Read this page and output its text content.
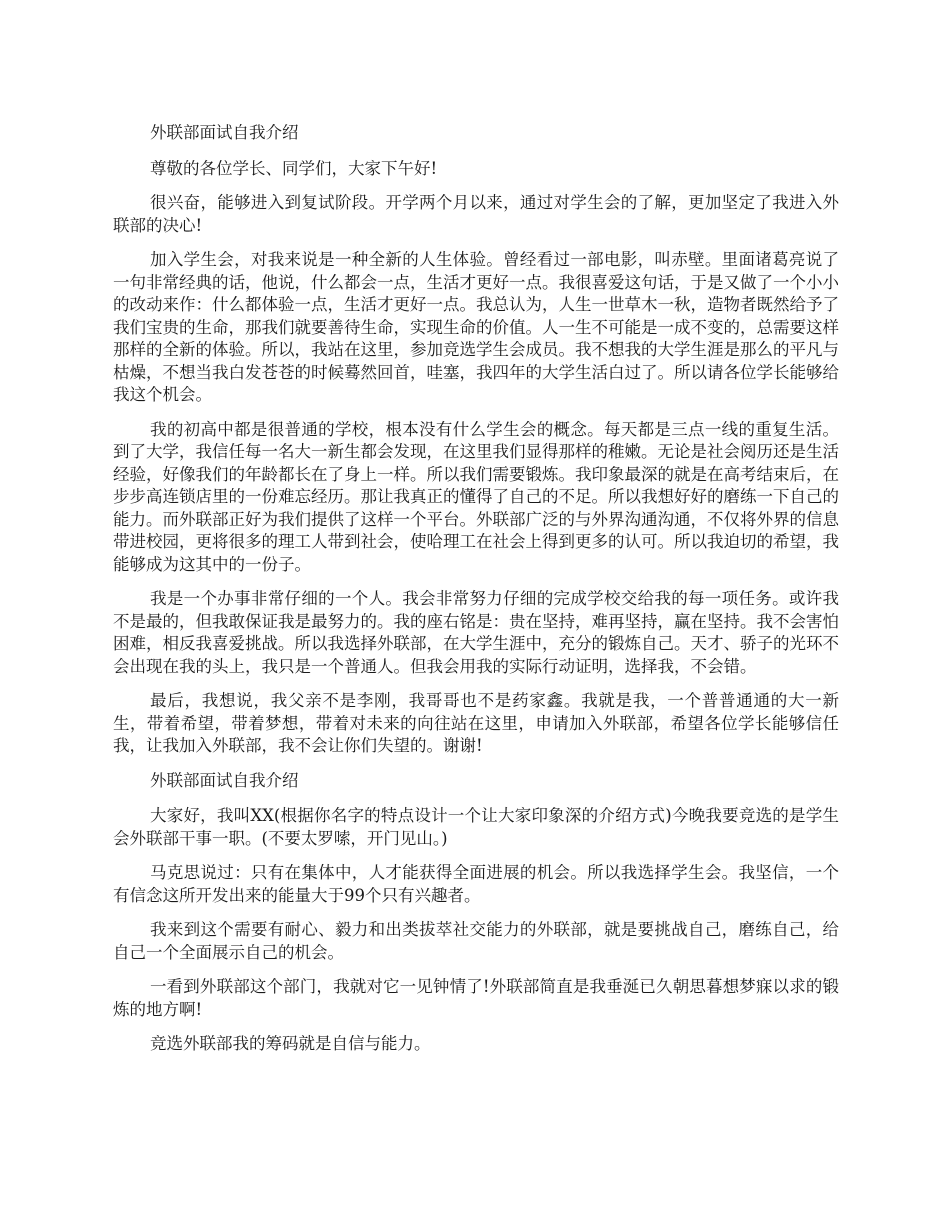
外联部面试自我介绍

尊敬的各位学长、同学们，大家下午好!

很兴奋，能够进入到复试阶段。开学两个月以来，通过对学生会的了解，更加坚定了我进入外联部的决心!

加入学生会，对我来说是一种全新的人生体验。曾经看过一部电影，叫赤壁。里面诸葛亮说了一句非常经典的话，他说，什么都会一点，生活才更好一点。我很喜爱这句话，于是又做了一个小小的改动来作：什么都体验一点，生活才更好一点。我总认为，人生一世草木一秋，造物者既然给予了我们宝贵的生命，那我们就要善待生命，实现生命的价值。人一生不可能是一成不变的，总需要这样那样的全新的体验。所以，我站在这里，参加竞选学生会成员。我不想我的大学生涯是那么的平凡与枯燥，不想当我白发苍苍的时候蓦然回首，哇塞，我四年的大学生活白过了。所以请各位学长能够给我这个机会。

我的初高中都是很普通的学校，根本没有什么学生会的概念。每天都是三点一线的重复生活。到了大学，我信任每一名大一新生都会发现，在这里我们显得那样的稚嫩。无论是社会阅历还是生活经验，好像我们的年龄都长在了身上一样。所以我们需要锻炼。我印象最深的就是在高考结束后，在步步高连锁店里的一份难忘经历。那让我真正的懂得了自己的不足。所以我想好好的磨练一下自己的能力。而外联部正好为我们提供了这样一个平台。外联部广泛的与外界沟通沟通，不仅将外界的信息带进校园，更将很多的理工人带到社会，使哈理工在社会上得到更多的认可。所以我迫切的希望，我能够成为这其中的一份子。

我是一个办事非常仔细的一个人。我会非常努力仔细的完成学校交给我的每一项任务。或许我不是最的，但我敢保证我是最努力的。我的座右铭是：贵在坚持，难再坚持，赢在坚持。我不会害怕困难，相反我喜爱挑战。所以我选择外联部，在大学生涯中，充分的锻炼自己。天才、骄子的光环不会出现在我的头上，我只是一个普通人。但我会用我的实际行动证明，选择我，不会错。

最后，我想说，我父亲不是李刚，我哥哥也不是药家鑫。我就是我，一个普普通通的大一新生，带着希望，带着梦想，带着对未来的向往站在这里，申请加入外联部，希望各位学长能够信任我，让我加入外联部，我不会让你们失望的。谢谢!

外联部面试自我介绍

大家好，我叫XX(根据你名字的特点设计一个让大家印象深的介绍方式)今晚我要竞选的是学生会外联部干事一职。(不要太罗嗦，开门见山。)

马克思说过：只有在集体中，人才能获得全面进展的机会。所以我选择学生会。我坚信，一个有信念这所开发出来的能量大于99个只有兴趣者。

我来到这个需要有耐心、毅力和出类拔萃社交能力的外联部，就是要挑战自己，磨练自己，给自己一个全面展示自己的机会。

一看到外联部这个部门，我就对它一见钟情了!外联部简直是我垂涎已久朝思暮想梦寐以求的锻炼的地方啊!

竞选外联部我的筹码就是自信与能力。
